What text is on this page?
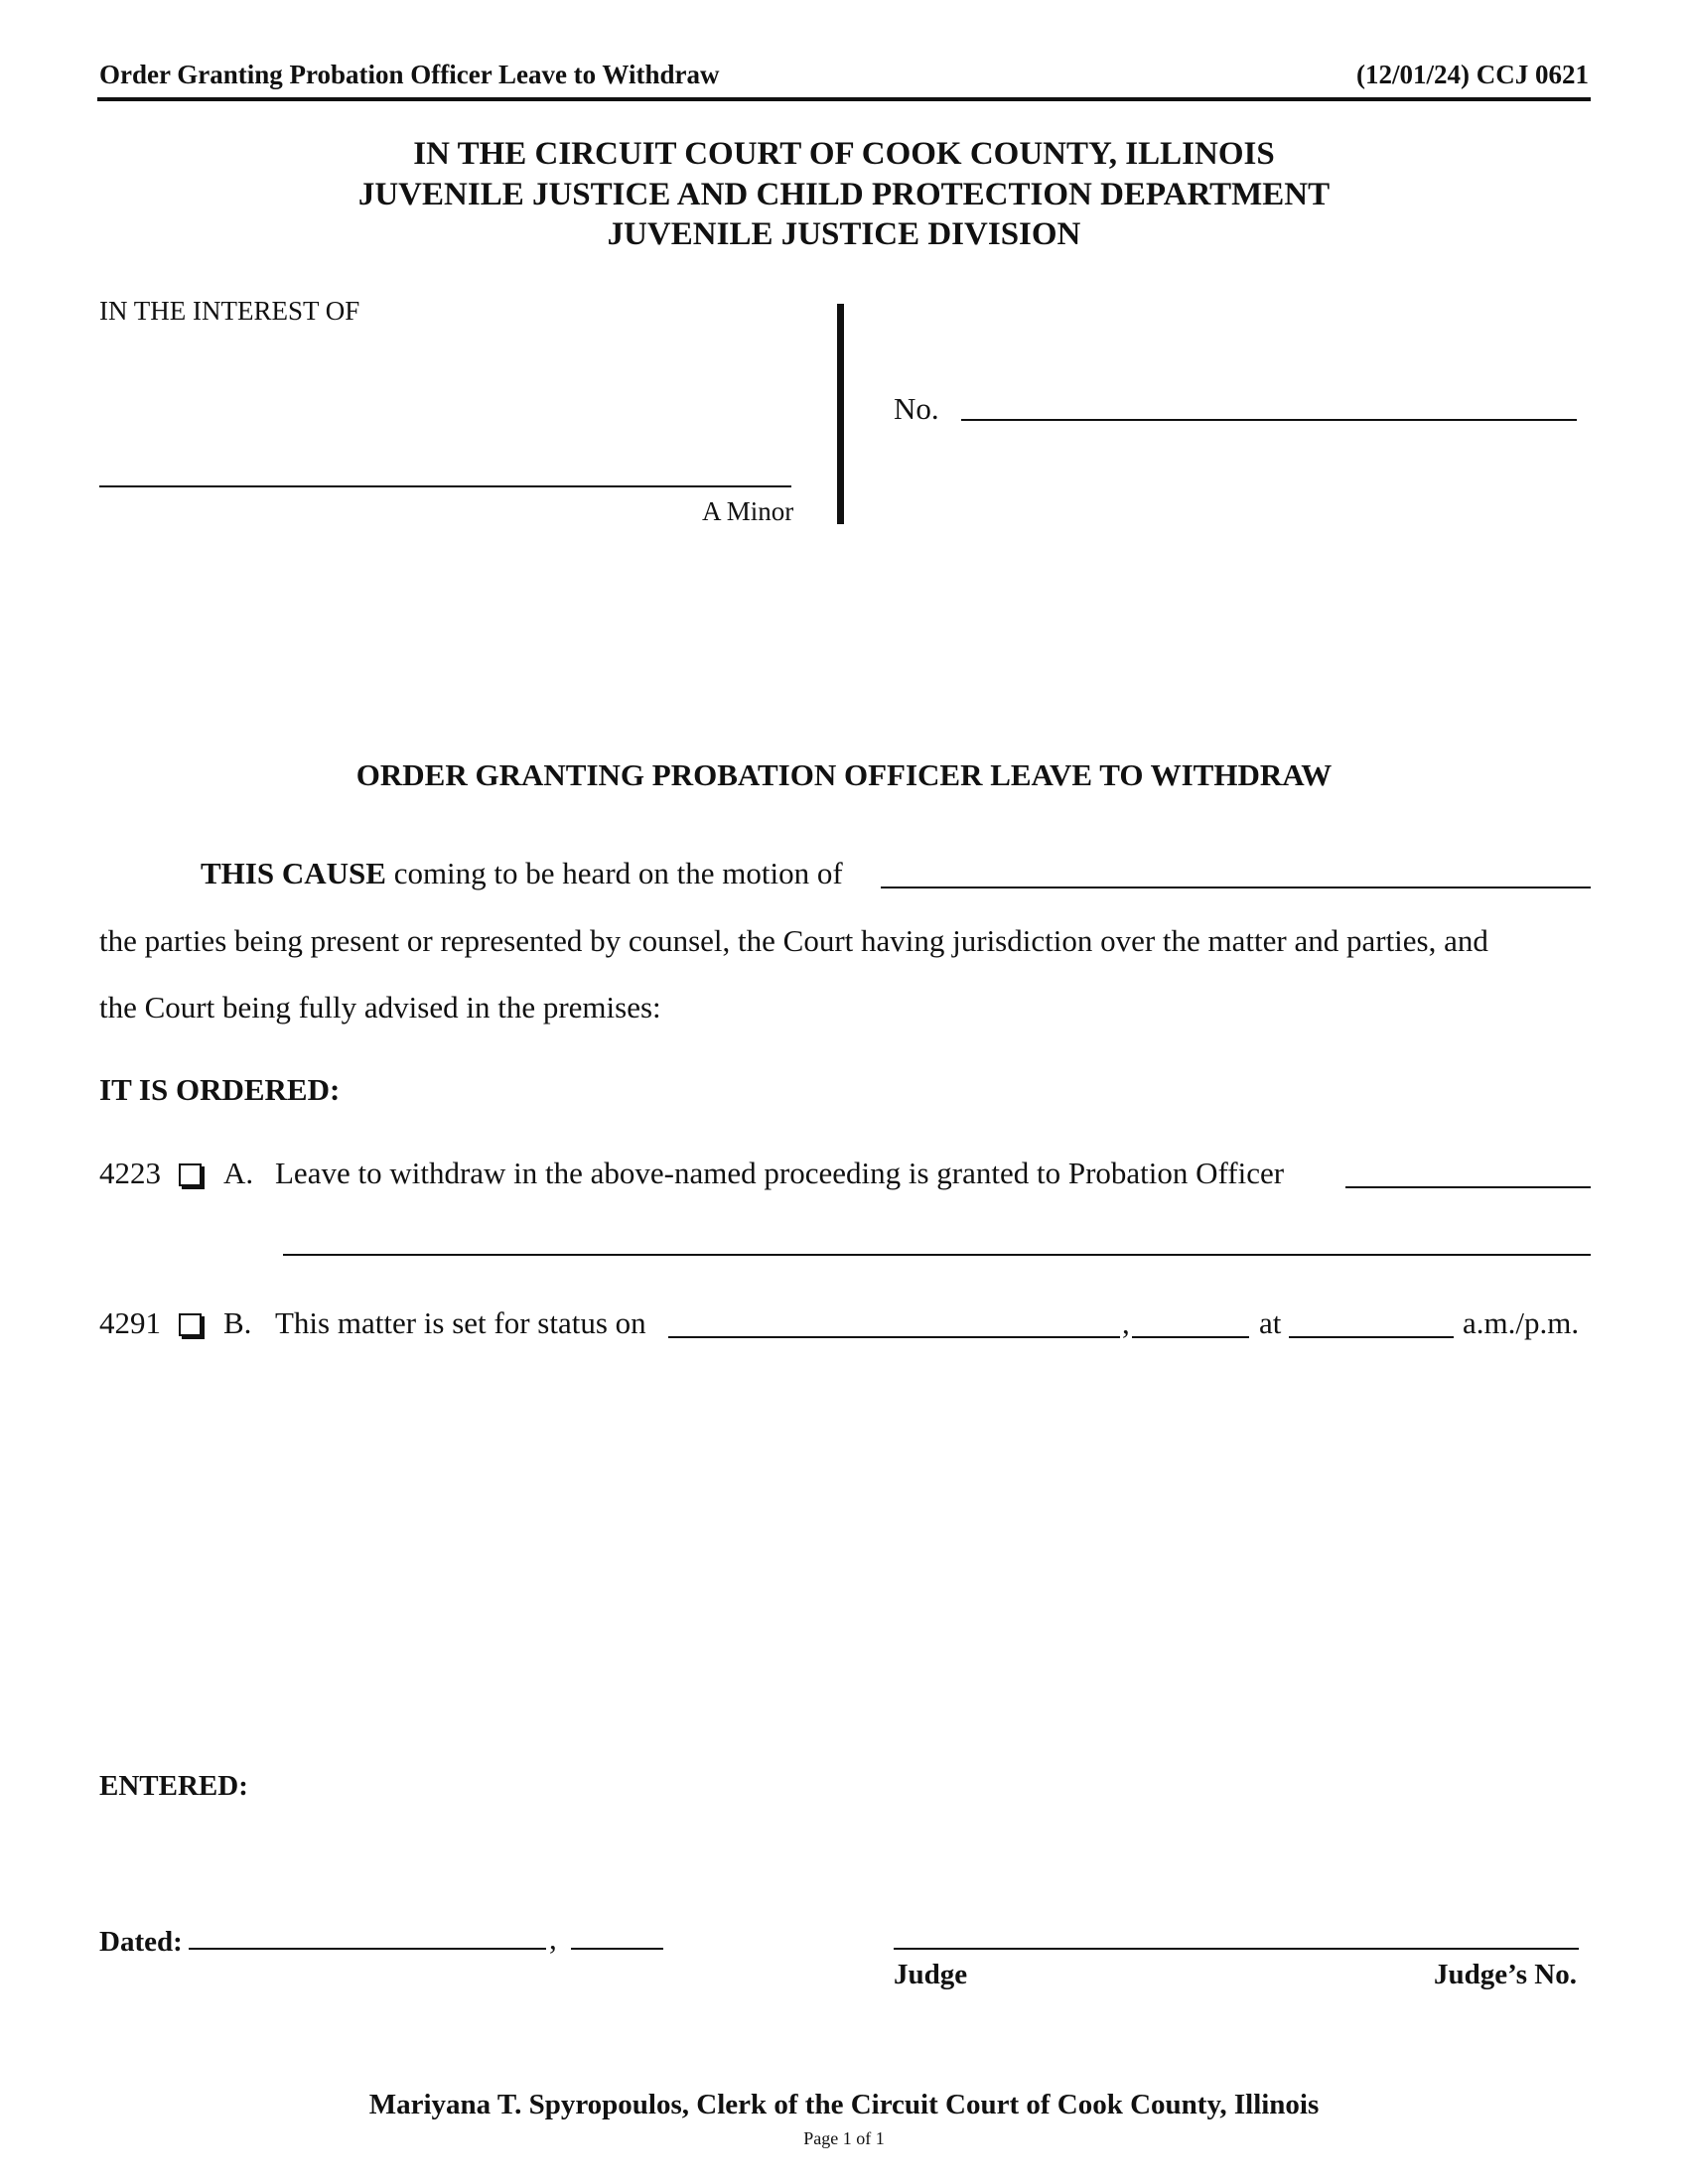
Order Granting Probation Officer Leave to Withdraw	(12/01/24) CCJ 0621
IN THE CIRCUIT COURT OF COOK COUNTY, ILLINOIS
JUVENILE JUSTICE AND CHILD PROTECTION DEPARTMENT
JUVENILE JUSTICE DIVISION
IN THE INTEREST OF
A Minor
No.
ORDER GRANTING PROBATION OFFICER LEAVE TO WITHDRAW
THIS CAUSE coming to be heard on the motion of
the parties being present or represented by counsel, the Court having jurisdiction over the matter and parties, and
the Court being fully advised in the premises:
IT IS ORDERED:
4223 A. Leave to withdraw in the above-named proceeding is granted to Probation Officer
4291 B. This matter is set for status on	,	at	a.m./p.m.
ENTERED:
Dated:	,
Judge	Judge’s No.
Mariyana T. Spyropoulos, Clerk of the Circuit Court of Cook County, Illinois
Page 1 of 1
